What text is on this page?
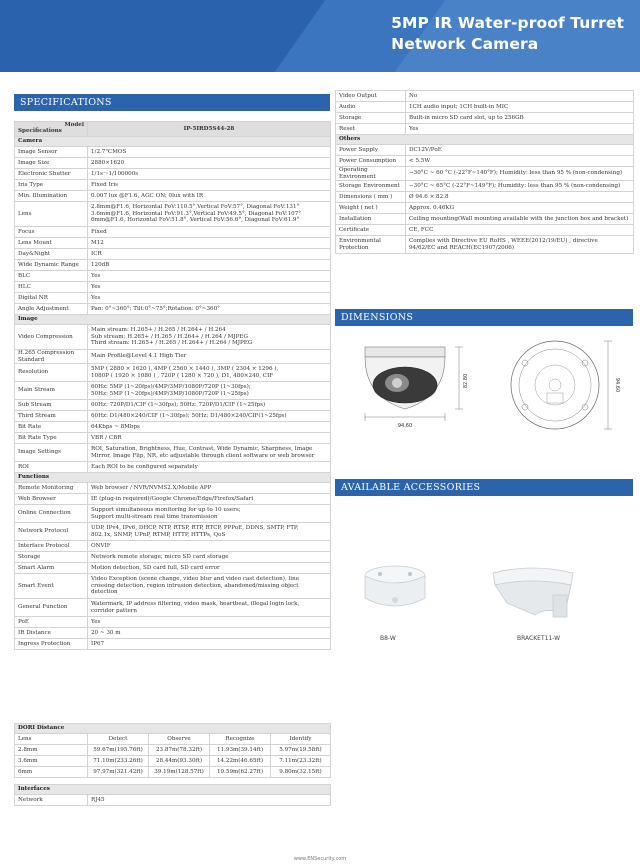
5MP IR Water-proof Turret
Network Camera
SPECIFICATIONS
Model
Specifications	IP-5IRD5S44-28
Camera	
Image Sensor	1/2.7"CMOS
Image Size	2880×1620
Electronic Shutter	1/1s～1/100000s
Iris Type	Fixed Iris
Min. Illumination	0.007 lux @F1.6, AGC ON; 0lux with IR
Lens	2.8mm@F1.6, Horizontal FoV:110.5°,Vertical FoV:57°, Diagonal FoV:131°
3.6mm@F1.6, Horizontal FoV:91.3°,Vertical FoV:49.5°, Diagonal FoV:107°
6mm@F1.6, Horizontal FoV:51.8°, Vertical FoV:56.6°, Diagonal FoV:61.9°
Focus	Fixed
Lens Mount	M12
Day&Night	ICR
Wide Dynamic Range	120dB
BLC	Yes
HLC	Yes
Digital NR	Yes
Angle Adjustment	Pan: 0°~360°; Tilt:0°~75°;Rotation: 0°~360°
Image	
Video Compression	Main stream: H.265+ / H.265 / H.264+ / H.264
Sub stream: H.265+ / H.265 / H.264+ / H.264 / MJPEG
Third stream: H.265+ / H.265 / H.264+ / H.264 / MJPEG
H.265 Compression Standard	Main Profile@Level 4.1 High Tier
Resolution	5MP ( 2880 × 1620 ), 4MP ( 2560 × 1440 ), 3MP ( 2304 × 1296 ),
1080P ( 1920 × 1080 ) , 720P ( 1280 × 720 ), D1, 480×240, CIF
Main Stream	60Hz: 5MP (1~20fps)/4MP/3MP/1080P/720P (1~30fps);
50Hz: 5MP (1~20fps)/4MP/3MP/1080P/720P (1~25fps)
Sub Stream	60Hz: 720P/D1/CIF (1~30fps); 50Hz: 720P/D1/CIF (1~25fps)
Third Stream	60Hz: D1/480×240/CIF (1~30fps); 50Hz: D1/480×240/CIF(1~25fps)
Bit Rate	64Kbps ~ 8Mbps
Bit Rate Type	VBR / CBR
Image Settings	ROI, Saturation, Brightness, Hue, Contrast, Wide Dynamic, Sharpness, Image
Mirror, Image Flip, NR, etc adjustable through client software or web browser
ROI	Each ROI to be configured separately
Functions	
Remote Monitoring	Web browser / NVR/NVMS2.X/Mobile APP
Web Browser	IE (plug-in required)/Google Chrome/Edge/Firefox/Safari
Online Connection	Support simultaneous monitoring for up to 10 users;
Support multi-stream real time transmission
Network Protocol	UDP, IPv4, IPv6, DHCP, NTP, RTSP, RTP, RTCP, PPPoE, DDNS, SMTP, FTP,
802.1x, SNMP, UPnP, RTMP, HTTP, HTTPs, QoS
Interface Protocol	ONVIF
Storage	Network remote storage; micro SD card storage
Smart Alarm	Motion detection, SD card full, SD card error
Smart Event	Video Exception (scene change, video blur and video cast detection), line
crossing detection, region intrusion detection, abandoned/missing object
detection
General Function	Watermark, IP address filtering, video mask, heartbeat, illegal login lock,
corridor pattern
PoE	Yes
IR Distance	20 ~ 30 m
Ingress Protection	IP67
DORI Distance				
Lens	Detect	Observe	Recognize	Identify
2.8mm	59.67m(195.76ft)	23.87m(78.32ft)	11.93m(39.14ft)	5.97m(19.58ft)
3.6mm	71.10m(233.26ft)	28.44m(93.30ft)	14.22m(46.65ft)	7.11m(23.32ft)
6mm	97.97m(321.42ft)	39.19m(128.57ft)	19.59m(62.27ft)	9.80m(32.15ft)
Interfaces
Network	RJ45
Video Output	No
Audio	1CH audio input; 1CH built-in MIC
Storage	Built-in micro SD card slot, up to 256GB
Reset	Yes
Others	
Power Supply	DC12V/PoE
Power Consumption	< 5.5W
Operating Environment	−30°C ~ 60 °C (-22°F~140°F); Humidity: less than 95 % (non-condensing)
Storage Environment	−30°C ~ 65°C (-22°F~149°F); Humidity: less than 95 % (non-condensing)
Dimensions ( mm )	Ø 94.6 × 82.8
Weight ( net )	Approx. 0.46KG
Installation	Ceiling mounting(Wall mounting available with the junction box and bracket)
Certificate	CE, FCC
Environmental Protection	Complies with Directive EU RoHS , WEEE(2012/19/EU) , directive
94/62/EC and REACH(EC1907/2006)
DIMENSIONS
94.60
82.80	94.60
AVAILABLE ACCESSORIES
B8-W	BRACKET11-W
www.ENSecurity.com
